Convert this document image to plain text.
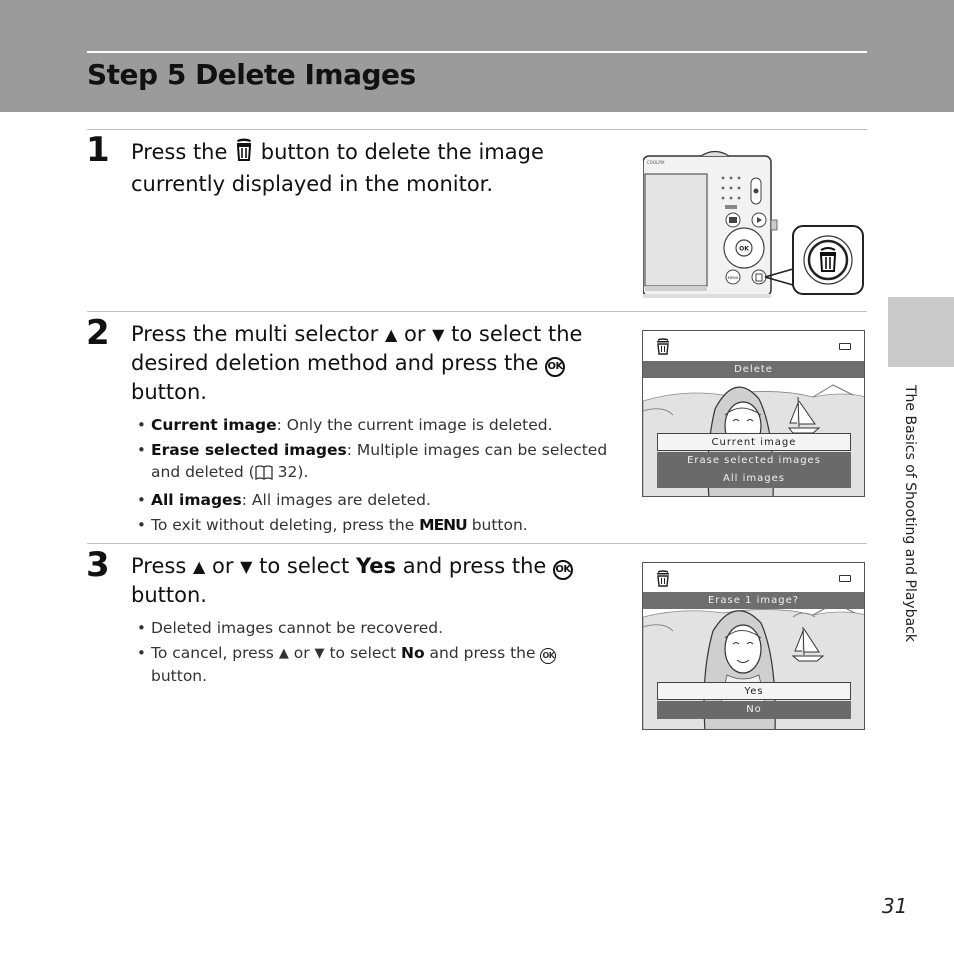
Step 5 Delete Images
The Basics of Shooting and Playback
1 Press the button to delete the image currently displayed in the monitor.
COOLPIX
OK
MENU
2 Press the multi selector ▲ or ▼ to select the desired deletion method and press the OK button.
• Current image: Only the current image is deleted.
• Erase selected images: Multiple images can be selected and deleted ( 32).
• All images: All images are deleted.
• To exit without deleting, press the MENU button.
Delete
Current image
Erase selected images
All images
3 Press ▲ or ▼ to select Yes and press the OK button.
• Deleted images cannot be recovered.
• To cancel, press ▲ or ▼ to select No and press the OK button.
Erase 1 image?
Yes
No
31
